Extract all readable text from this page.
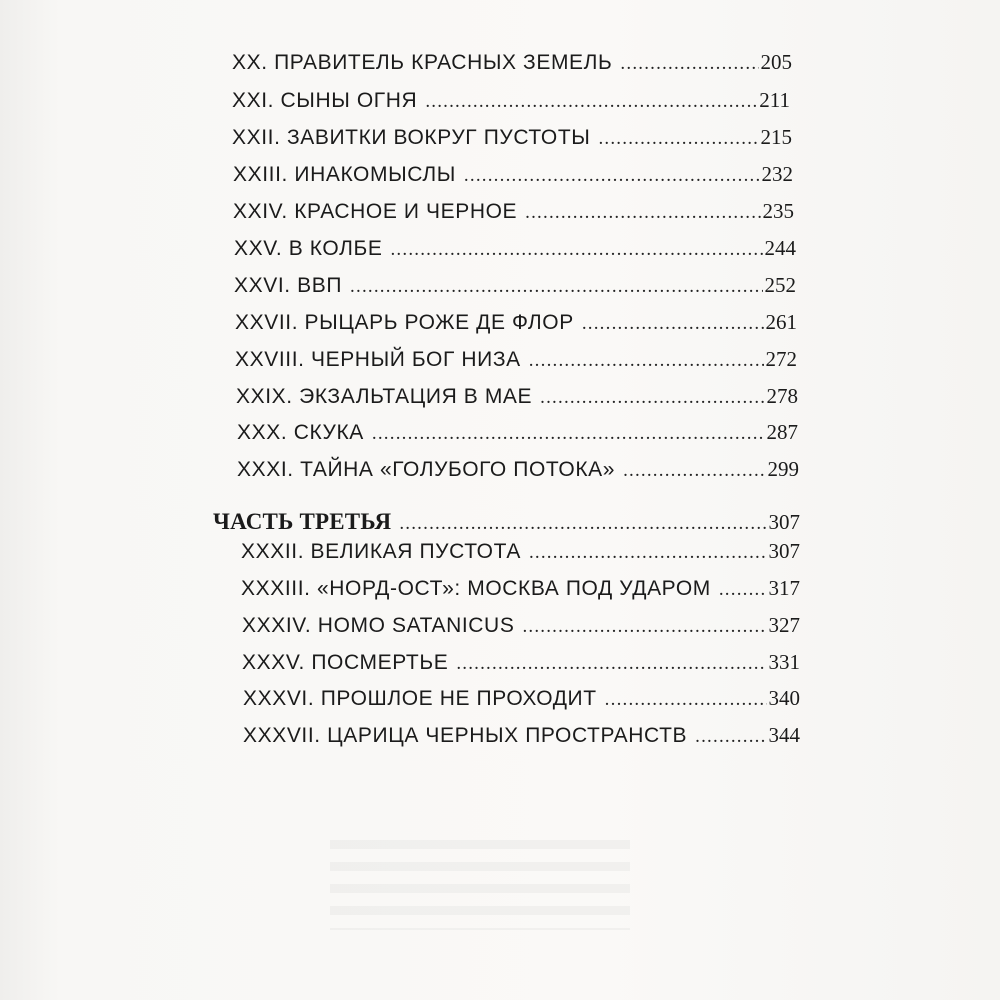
XX. ПРАВИТЕЛЬ КРАСНЫХ ЗЕМЕЛЬ .....	205
XXI. СЫНЫ ОГНЯ .....	211
XXII. ЗАВИТКИ ВОКРУГ ПУСТОТЫ .....	215
XXIII. ИНАКОМЫСЛЫ .....	232
XXIV. КРАСНОЕ И ЧЕРНОЕ .....	235
XXV. В КОЛБЕ .....	244
XXVI. ВВП .....	252
XXVII. РЫЦАРЬ РОЖЕ ДЕ ФЛОР .....	261
XXVIII. ЧЕРНЫЙ БОГ НИЗА .....	272
XXIX. ЭКЗАЛЬТАЦИЯ В МАЕ .....	278
XXX. СКУКА .....	287
XXXI. ТАЙНА «ГОЛУБОГО ПОТОКА» .....	299
ЧАСТЬ ТРЕТЬЯ .....	307
XXXII. ВЕЛИКАЯ ПУСТОТА .....	307
XXXIII. «НОРД-ОСТ»: МОСКВА ПОД УДАРОМ .....	317
XXXIV. HOMO SATANICUS .....	327
XXXV. ПОСМЕРТЬЕ .....	331
XXXVI. ПРОШЛОЕ НЕ ПРОХОДИТ .....	340
XXXVII. ЦАРИЦА ЧЕРНЫХ ПРОСТРАНСТВ .....	344
